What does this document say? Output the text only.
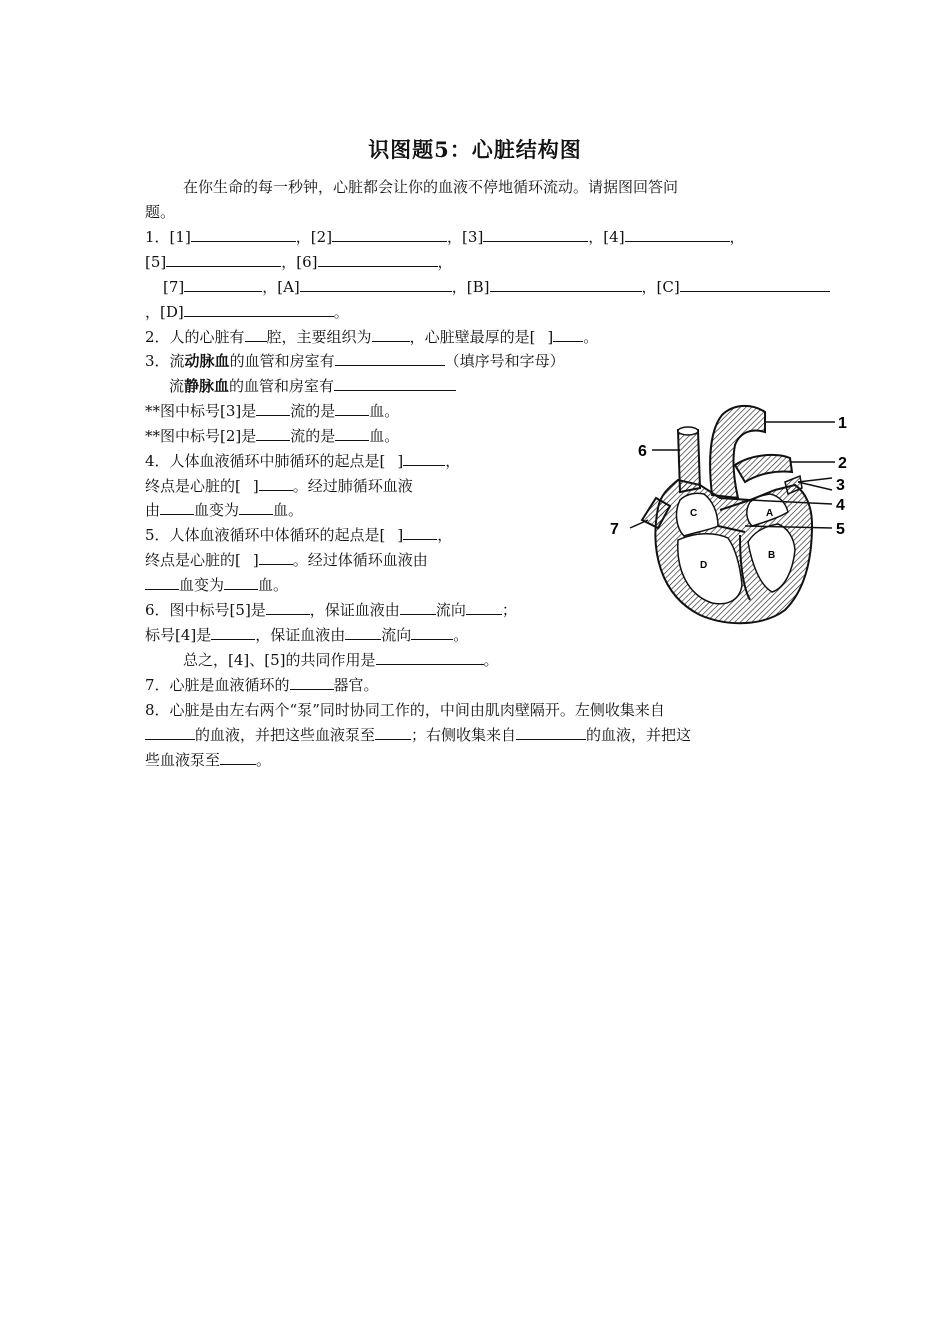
识图题5：心脏结构图
在你生命的每一秒钟，心脏都会让你的血液不停地循环流动。请据图回答问
题。
1．[1]	，[2]	，[3]	，[4]	，
[5]	，[6]	，
[7]	，[A]	，[B]	，[C]
，[D]	。
2．人的心脏有 腔，主要组织为	，心脏壁最厚的是[ ] 。
3．流动脉血的血管和房室有	（填序号和字母）
流静脉血的血管和房室有
**图中标号[3]是 流的是 血。
**图中标号[2]是 流的是 血。
4．人体血液循环中肺循环的起点是[ ]	，
终点是心脏的[ ] 。经过肺循环血液
由 血变为 血。
5．人体血液循环中体循环的起点是[ ] ，
终点是心脏的[ ] 。经过体循环血液由
血变为 血。
6．图中标号[5]是	，保证血液由 流向 ；
标号[4]是	，保证血液由 流向	。
总之，[4]、[5]的共同作用是	。
7．心脏是血液循环的	器官。
8．心脏是由左右两个“泵”同时协同工作的，中间由肌肉壁隔开。左侧收集来自
的血液，并把这些血液泵至 ；右侧收集来自	的血液，并把这
些血液泵至 。
1
2
3
4
5
6
7
A
B
C
D
